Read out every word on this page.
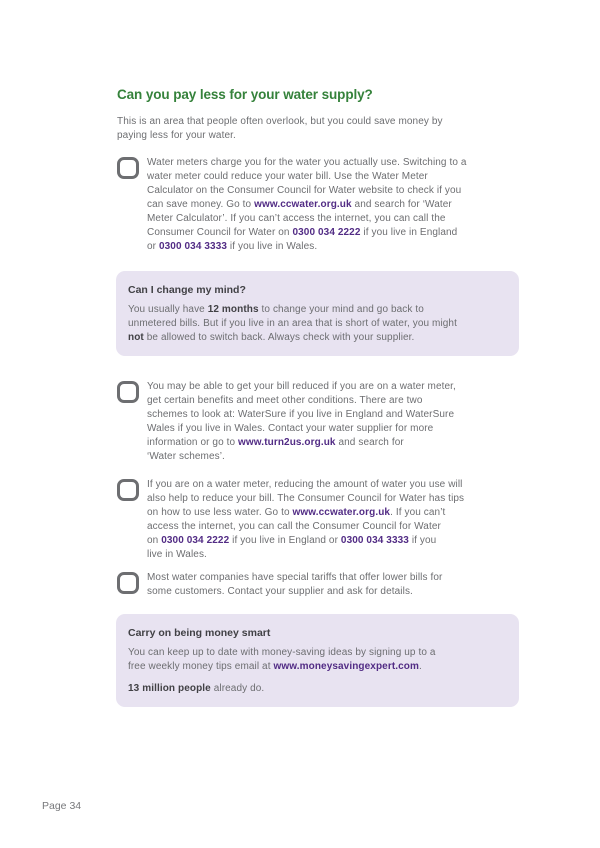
Can you pay less for your water supply?
This is an area that people often overlook, but you could save money by
paying less for your water.
Water meters charge you for the water you actually use. Switching to a
water meter could reduce your water bill. Use the Water Meter
Calculator on the Consumer Council for Water website to check if you
can save money. Go to www.ccwater.org.uk and search for ‘Water
Meter Calculator’. If you can’t access the internet, you can call the
Consumer Council for Water on 0300 034 2222 if you live in England
or 0300 034 3333 if you live in Wales.
Can I change my mind?
You usually have 12 months to change your mind and go back to
unmetered bills. But if you live in an area that is short of water, you might
not be allowed to switch back. Always check with your supplier.
You may be able to get your bill reduced if you are on a water meter,
get certain benefits and meet other conditions. There are two
schemes to look at: WaterSure if you live in England and WaterSure
Wales if you live in Wales. Contact your water supplier for more
information or go to www.turn2us.org.uk and search for
‘Water schemes’.
If you are on a water meter, reducing the amount of water you use will
also help to reduce your bill. The Consumer Council for Water has tips
on how to use less water. Go to www.ccwater.org.uk. If you can’t
access the internet, you can call the Consumer Council for Water
on 0300 034 2222 if you live in England or 0300 034 3333 if you
live in Wales.
Most water companies have special tariffs that offer lower bills for
some customers. Contact your supplier and ask for details.
Carry on being money smart
You can keep up to date with money-saving ideas by signing up to a
free weekly money tips email at www.moneysavingexpert.com.
13 million people already do.
Page 34
